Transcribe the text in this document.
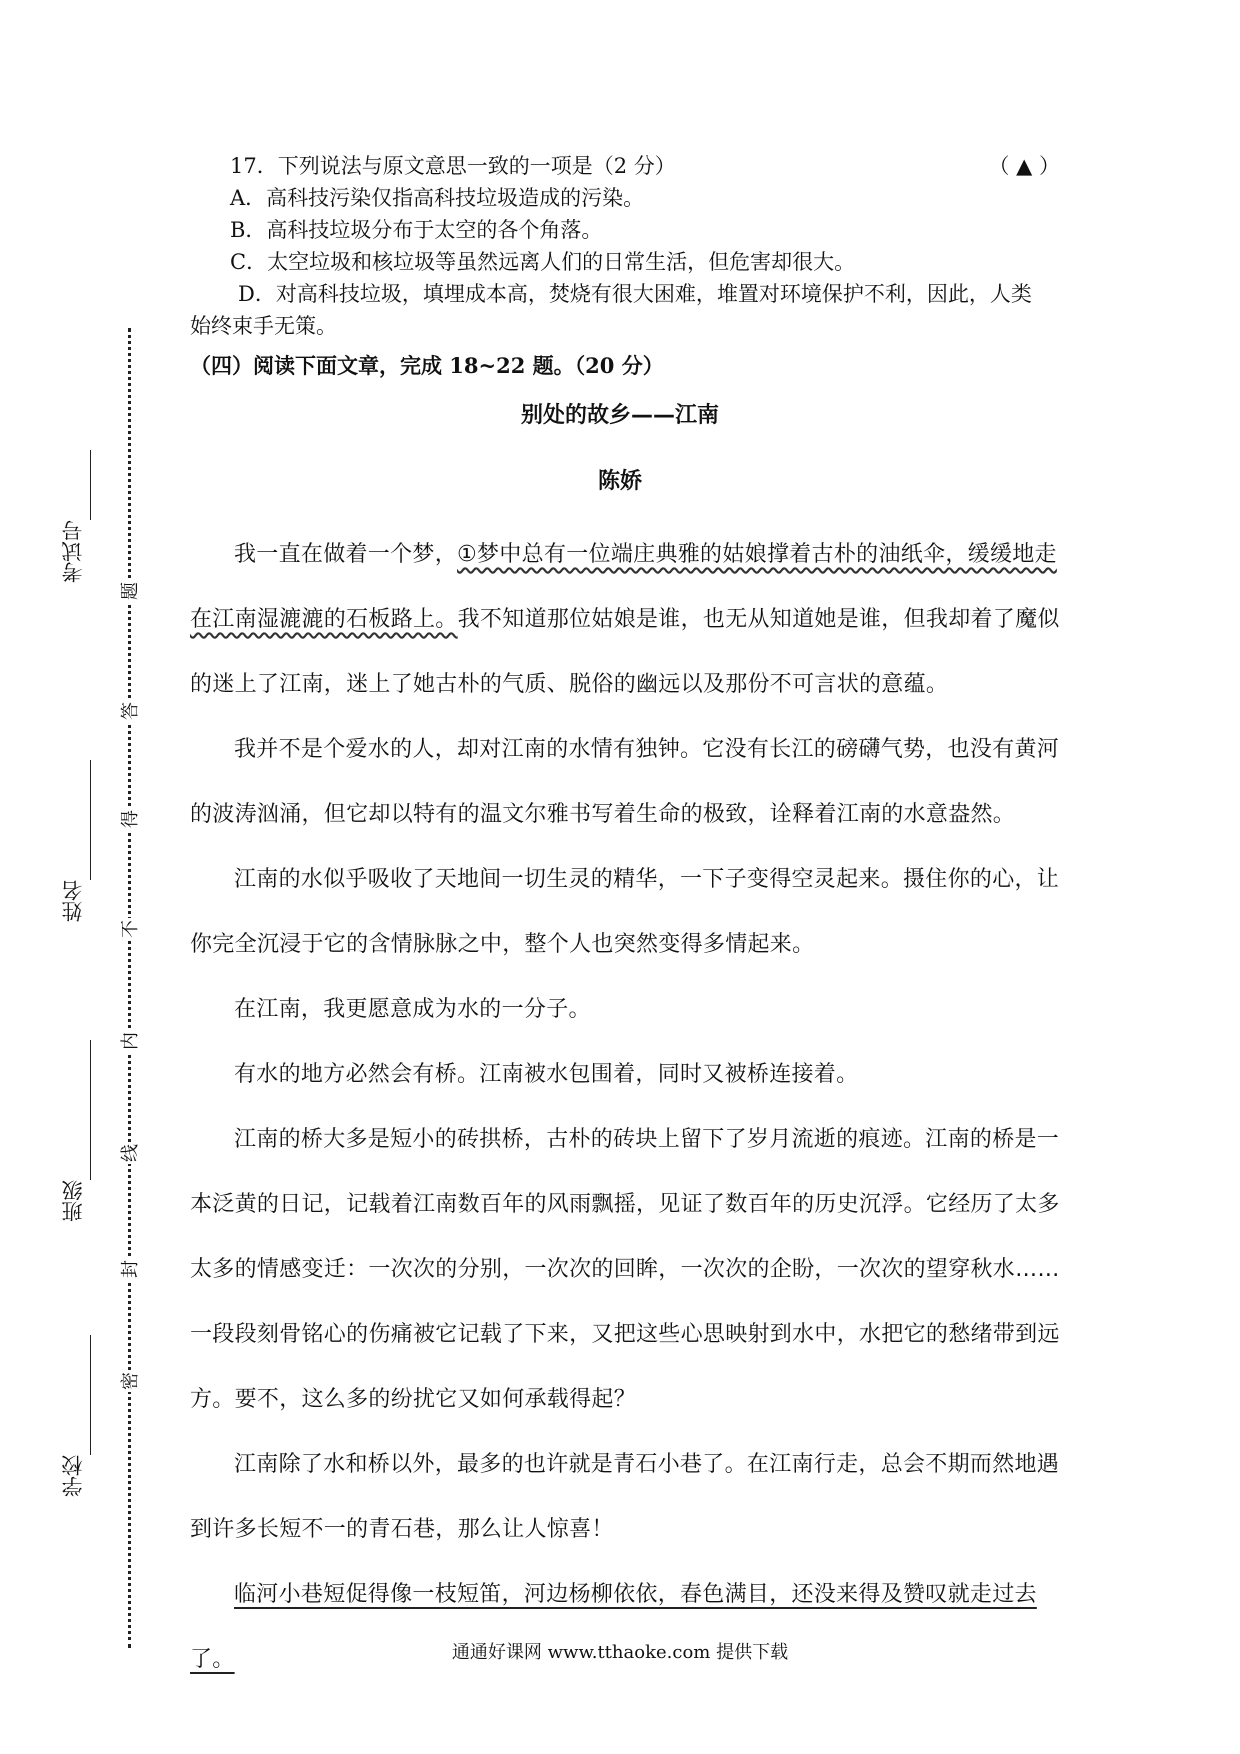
考试号
姓名
班级
学校
题
答
得
不
内
线
封
密
17．下列说法与原文意思一致的一项是（2 分）	（ ▲ ）
A．高科技污染仅指高科技垃圾造成的污染。
B．高科技垃圾分布于太空的各个角落。
C．太空垃圾和核垃圾等虽然远离人们的日常生活，但危害却很大。
D．对高科技垃圾，填埋成本高，焚烧有很大困难，堆置对环境保护不利，因此，人类
始终束手无策。
（四）阅读下面文章，完成 18~22 题。（20 分）
别处的故乡——江南
陈娇

我一直在做着一个梦，①梦中总有一位端庄典雅的姑娘撑着古朴的油纸伞，缓缓地走在江南湿漉漉的石板路上。我不知道那位姑娘是谁，也无从知道她是谁，但我却着了魔似的迷上了江南，迷上了她古朴的气质、脱俗的幽远以及那份不可言状的意蕴。

我并不是个爱水的人，却对江南的水情有独钟。它没有长江的磅礴气势，也没有黄河的波涛汹涌，但它却以特有的温文尔雅书写着生命的极致，诠释着江南的水意盎然。

江南的水似乎吸收了天地间一切生灵的精华，一下子变得空灵起来。摄住你的心，让你完全沉浸于它的含情脉脉之中，整个人也突然变得多情起来。

在江南，我更愿意成为水的一分子。

有水的地方必然会有桥。江南被水包围着，同时又被桥连接着。

江南的桥大多是短小的砖拱桥，古朴的砖块上留下了岁月流逝的痕迹。江南的桥是一本泛黄的日记，记载着江南数百年的风雨飘摇，见证了数百年的历史沉浮。它经历了太多太多的情感变迁：一次次的分别，一次次的回眸，一次次的企盼，一次次的望穿秋水……一段段刻骨铭心的伤痛被它记载了下来，又把这些心思映射到水中，水把它的愁绪带到远方。要不，这么多的纷扰它又如何承载得起？

江南除了水和桥以外，最多的也许就是青石小巷了。在江南行走，总会不期而然地遇到许多长短不一的青石巷，那么让人惊喜！

临河小巷短促得像一枝短笛，河边杨柳依依，春色满目，还没来得及赞叹就走过去了。	通通好课网 www.tthaoke.com 提供下载
